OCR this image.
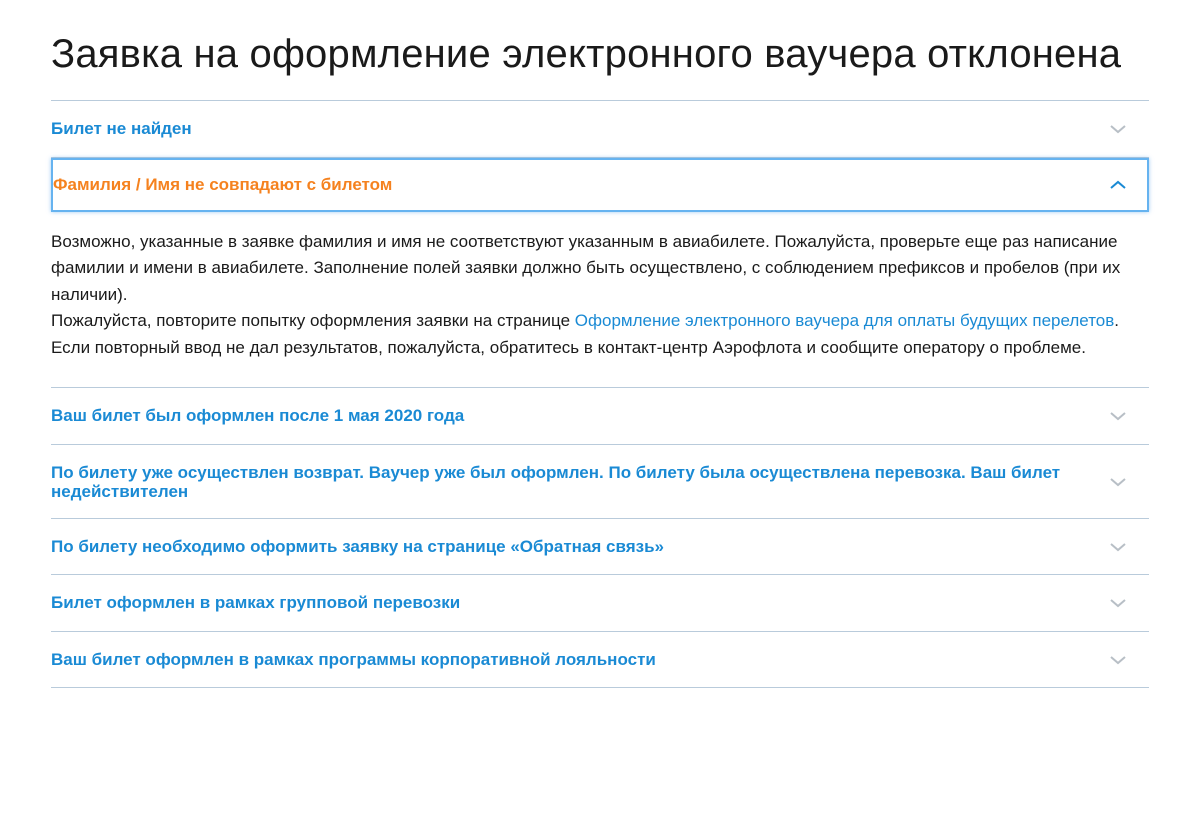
Заявка на оформление электронного ваучера отклонена
Билет не найден
Фамилия / Имя не совпадают с билетом

Возможно, указанные в заявке фамилия и имя не соответствуют указанным в авиабилете. Пожалуйста, проверьте еще раз написание фамилии и имени в авиабилете. Заполнение полей заявки должно быть осуществлено, с соблюдением префиксов и пробелов (при их наличии).

Пожалуйста, повторите попытку оформления заявки на странице Оформление электронного ваучера для оплаты будущих перелетов.

Если повторный ввод не дал результатов, пожалуйста, обратитесь в контакт-центр Аэрофлота и сообщите оператору о проблеме.

Ваш билет был оформлен после 1 мая 2020 года
По билету уже осуществлен возврат. Ваучер уже был оформлен. По билету была осуществлена перевозка. Ваш билет недействителен
По билету необходимо оформить заявку на странице «Обратная связь»
Билет оформлен в рамках групповой перевозки
Ваш билет оформлен в рамках программы корпоративной лояльности
